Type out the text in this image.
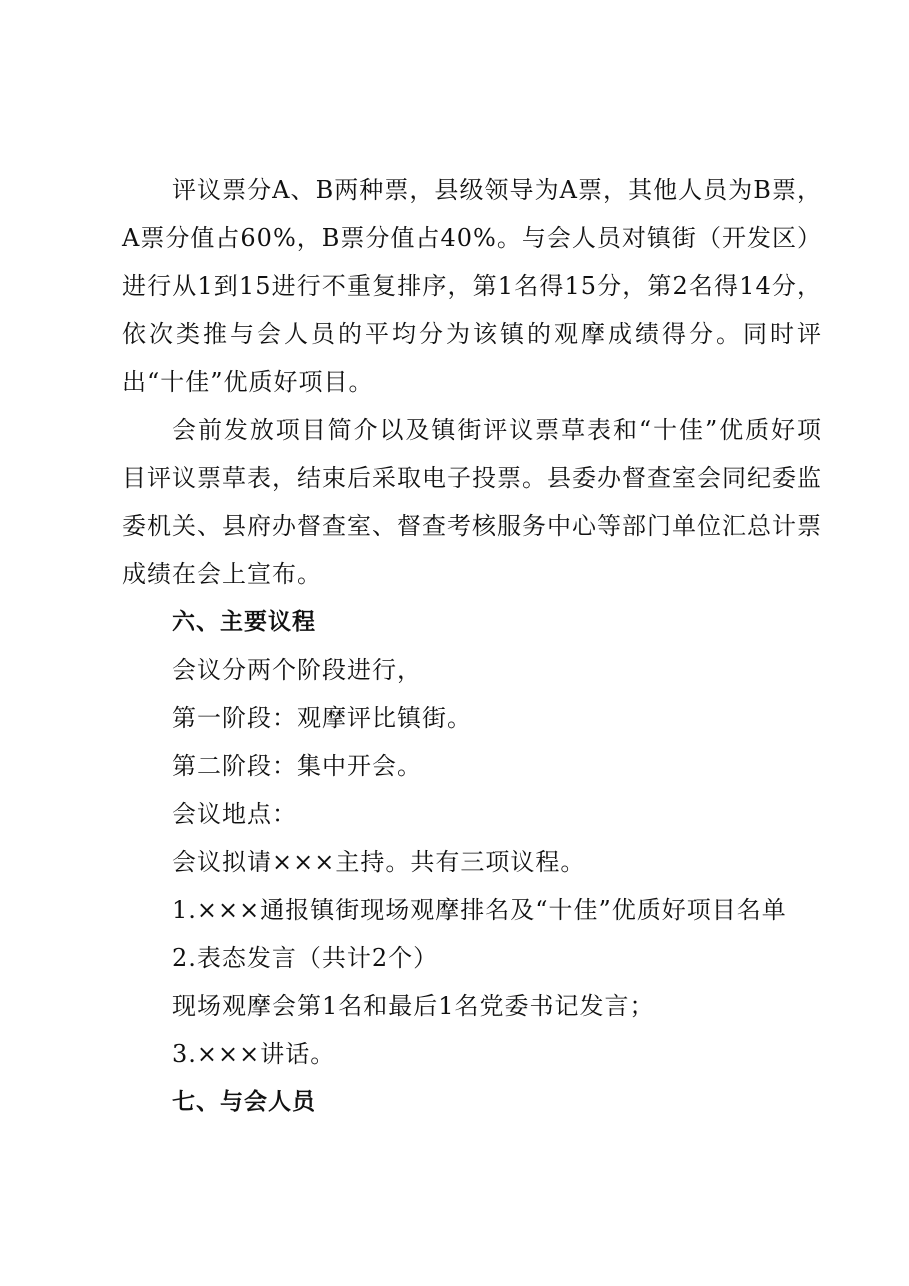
评议票分A、B两种票，县级领导为A票，其他人员为B票，A票分值占60%，B票分值占40%。与会人员对镇街（开发区）进行从1到15进行不重复排序，第1名得15分，第2名得14分，依次类推与会人员的平均分为该镇的观摩成绩得分。同时评出“十佳”优质好项目。

会前发放项目简介以及镇街评议票草表和“十佳”优质好项目评议票草表，结束后采取电子投票。县委办督查室会同纪委监委机关、县府办督查室、督查考核服务中心等部门单位汇总计票成绩在会上宣布。

六、主要议程

会议分两个阶段进行，

第一阶段：观摩评比镇街。

第二阶段：集中开会。

会议地点：

会议拟请×××主持。共有三项议程。

1.×××通报镇街现场观摩排名及“十佳”优质好项目名单

2.表态发言（共计2个）

现场观摩会第1名和最后1名党委书记发言；

3.×××讲话。

七、与会人员
